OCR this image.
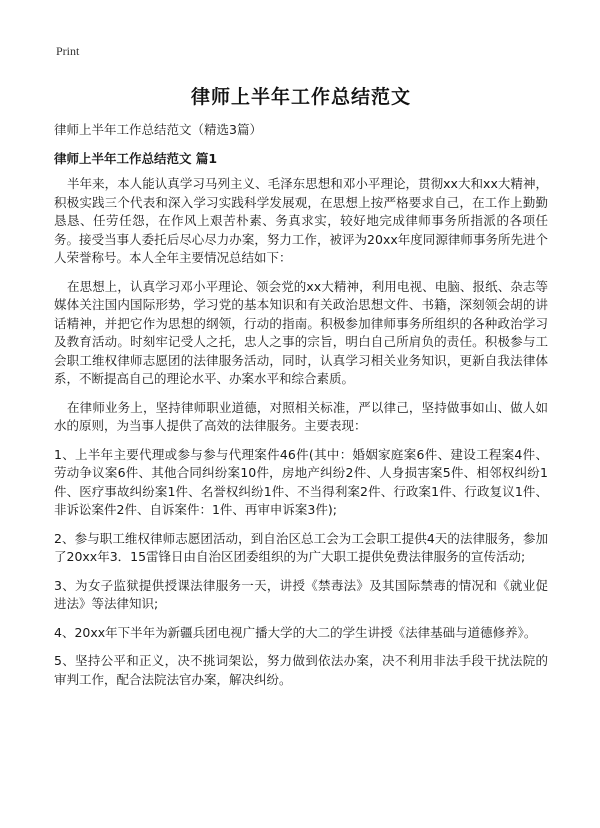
Print
律师上半年工作总结范文
律师上半年工作总结范文（精选3篇）
律师上半年工作总结范文 篇1

半年来，本人能认真学习马列主义、毛泽东思想和邓小平理论，贯彻xx大和xx大精神，积极实践三个代表和深入学习实践科学发展观，在思想上按严格要求自己，在工作上勤勤恳恳、任劳任怨，在作风上艰苦朴素、务真求实，较好地完成律师事务所指派的各项任务。接受当事人委托后尽心尽力办案，努力工作，被评为20xx年度同源律师事务所先进个人荣誉称号。本人全年主要情况总结如下：

在思想上，认真学习邓小平理论、领会党的xx大精神，利用电视、电脑、报纸、杂志等媒体关注国内国际形势，学习党的基本知识和有关政治思想文件、书籍，深刻领会胡的讲话精神，并把它作为思想的纲领，行动的指南。积极参加律师事务所组织的各种政治学习及教育活动。时刻牢记受人之托，忠人之事的宗旨，明白自己所肩负的责任。积极参与工会职工维权律师志愿团的法律服务活动，同时，认真学习相关业务知识，更新自我法律体系，不断提高自己的理论水平、办案水平和综合素质。

在律师业务上，坚持律师职业道德，对照相关标准，严以律己，坚持做事如山、做人如水的原则，为当事人提供了高效的法律服务。主要表现：

1、上半年主要代理或参与参与代理案件46件(其中：婚姻家庭案6件、建设工程案4件、劳动争议案6件、其他合同纠纷案10件，房地产纠纷2件、人身损害案5件、相邻权纠纷1件、医疗事故纠纷案1件、名誉权纠纷1件、不当得利案2件、行政案1件、行政复议1件、非诉讼案件2件、自诉案件：1件、再审申诉案3件);

2、参与职工维权律师志愿团活动，到自治区总工会为工会职工提供4天的法律服务，参加了20xx年3．15雷锋日由自治区团委组织的为广大职工提供免费法律服务的宣传活动;

3、为女子监狱提供授课法律服务一天，讲授《禁毒法》及其国际禁毒的情况和《就业促进法》等法律知识;

4、20xx年下半年为新疆兵团电视广播大学的大二的学生讲授《法律基础与道德修养》。

5、坚持公平和正义，决不挑词架讼，努力做到依法办案，决不利用非法手段干扰法院的审判工作，配合法院法官办案，解决纠纷。
